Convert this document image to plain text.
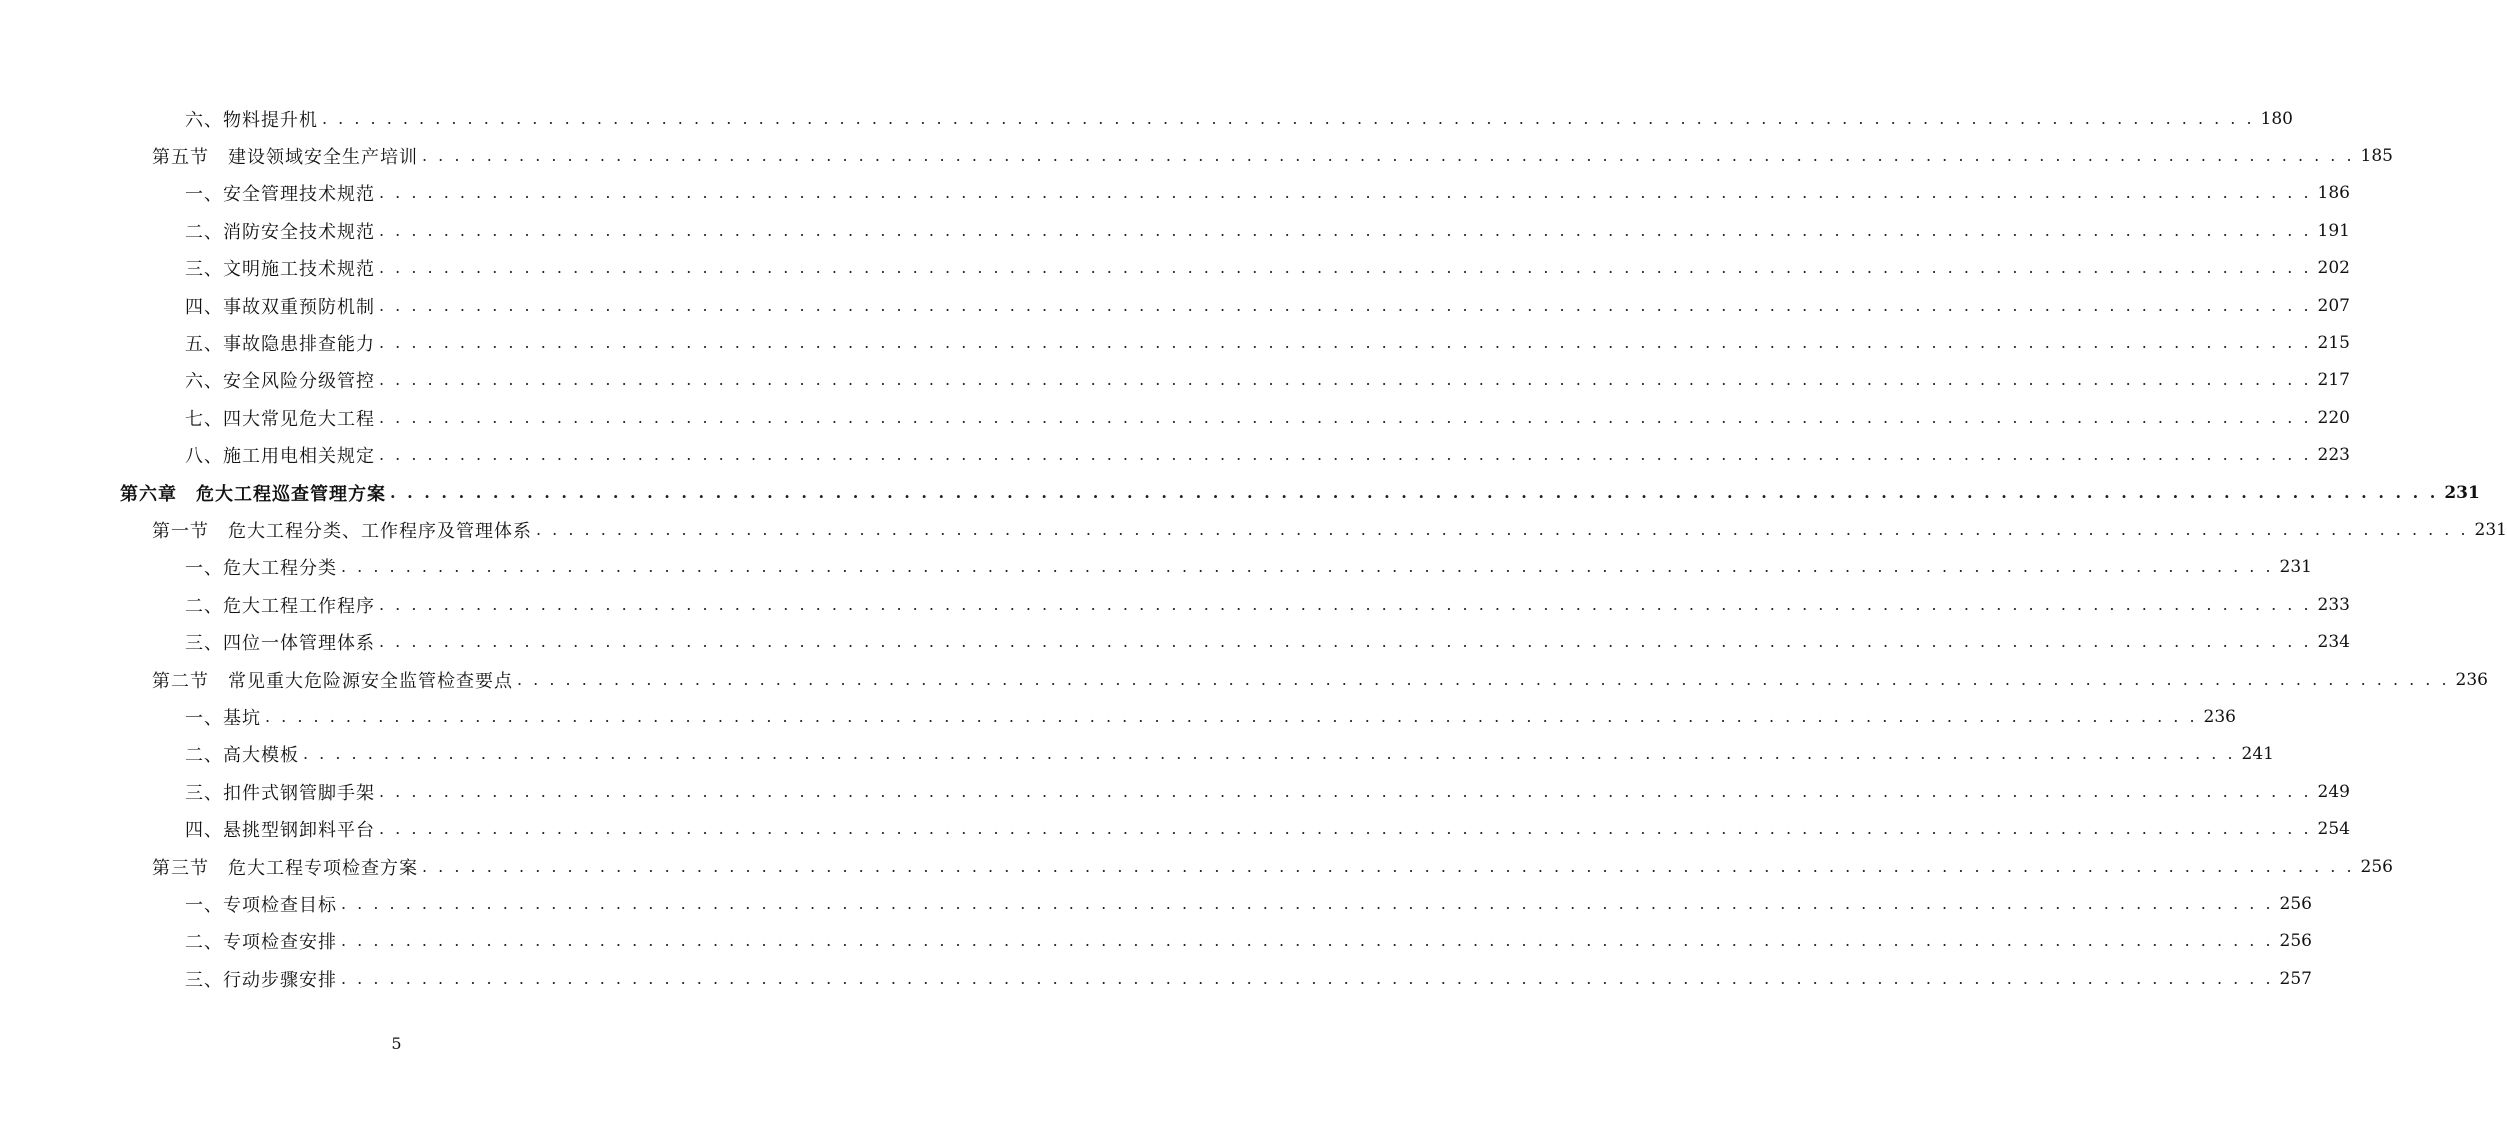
六、物料提升机 . . . . . . . . . . . . . . . . . . . . . . . . . . . . . . . . . . . . . . . . . . . . . . . . . . . . . . . . . . . . . . . . . . . . . . . . . . . . . . . . . . . . . . . . . . . . . . . . . . . . . . . . . . . . . . . . . . . . . . . . 180
第五节　建设领域安全生产培训 . . . . . . . . . . . . . . . . . . . . . . . . . . . . . . . . . . . . . . . . . . . . . . . . . . . . . . . . . . . . . . . . . . . . . . . . . . . . . . . . . . . . . . . . . . . . . . . . . . . . . . . . . . . . . . . . . . . . . . . . 185
一、安全管理技术规范 . . . . . . . . . . . . . . . . . . . . . . . . . . . . . . . . . . . . . . . . . . . . . . . . . . . . . . . . . . . . . . . . . . . . . . . . . . . . . . . . . . . . . . . . . . . . . . . . . . . . . . . . . . . . . . . . . . . . . . . . 186
二、消防安全技术规范 . . . . . . . . . . . . . . . . . . . . . . . . . . . . . . . . . . . . . . . . . . . . . . . . . . . . . . . . . . . . . . . . . . . . . . . . . . . . . . . . . . . . . . . . . . . . . . . . . . . . . . . . . . . . . . . . . . . . . . . . 191
三、文明施工技术规范 . . . . . . . . . . . . . . . . . . . . . . . . . . . . . . . . . . . . . . . . . . . . . . . . . . . . . . . . . . . . . . . . . . . . . . . . . . . . . . . . . . . . . . . . . . . . . . . . . . . . . . . . . . . . . . . . . . . . . . . . 202
四、事故双重预防机制 . . . . . . . . . . . . . . . . . . . . . . . . . . . . . . . . . . . . . . . . . . . . . . . . . . . . . . . . . . . . . . . . . . . . . . . . . . . . . . . . . . . . . . . . . . . . . . . . . . . . . . . . . . . . . . . . . . . . . . . . 207
五、事故隐患排查能力 . . . . . . . . . . . . . . . . . . . . . . . . . . . . . . . . . . . . . . . . . . . . . . . . . . . . . . . . . . . . . . . . . . . . . . . . . . . . . . . . . . . . . . . . . . . . . . . . . . . . . . . . . . . . . . . . . . . . . . . . 215
六、安全风险分级管控 . . . . . . . . . . . . . . . . . . . . . . . . . . . . . . . . . . . . . . . . . . . . . . . . . . . . . . . . . . . . . . . . . . . . . . . . . . . . . . . . . . . . . . . . . . . . . . . . . . . . . . . . . . . . . . . . . . . . . . . . 217
七、四大常见危大工程 . . . . . . . . . . . . . . . . . . . . . . . . . . . . . . . . . . . . . . . . . . . . . . . . . . . . . . . . . . . . . . . . . . . . . . . . . . . . . . . . . . . . . . . . . . . . . . . . . . . . . . . . . . . . . . . . . . . . . . . . 220
八、施工用电相关规定 . . . . . . . . . . . . . . . . . . . . . . . . . . . . . . . . . . . . . . . . . . . . . . . . . . . . . . . . . . . . . . . . . . . . . . . . . . . . . . . . . . . . . . . . . . . . . . . . . . . . . . . . . . . . . . . . . . . . . . . . 223
第六章　危大工程巡查管理方案 . . . . . . . . . . . . . . . . . . . . . . . . . . . . . . . . . . . . . . . . . . . . . . . . . . . . . . . . . . . . . . . . . . . . . . . . . . . . . . . . . . . . . . . . . . . . . . . . . . . . . . . . . . . . . . . . . . . . . . . . 231
第一节　危大工程分类、工作程序及管理体系 . . . . . . . . . . . . . . . . . . . . . . . . . . . . . . . . . . . . . . . . . . . . . . . . . . . . . . . . . . . . . . . . . . . . . . . . . . . . . . . . . . . . . . . . . . . . . . . . . . . . . . . . . . . . . . . . . . . . . . . . 231
一、危大工程分类 . . . . . . . . . . . . . . . . . . . . . . . . . . . . . . . . . . . . . . . . . . . . . . . . . . . . . . . . . . . . . . . . . . . . . . . . . . . . . . . . . . . . . . . . . . . . . . . . . . . . . . . . . . . . . . . . . . . . . . . . 231
二、危大工程工作程序 . . . . . . . . . . . . . . . . . . . . . . . . . . . . . . . . . . . . . . . . . . . . . . . . . . . . . . . . . . . . . . . . . . . . . . . . . . . . . . . . . . . . . . . . . . . . . . . . . . . . . . . . . . . . . . . . . . . . . . . . 233
三、四位一体管理体系 . . . . . . . . . . . . . . . . . . . . . . . . . . . . . . . . . . . . . . . . . . . . . . . . . . . . . . . . . . . . . . . . . . . . . . . . . . . . . . . . . . . . . . . . . . . . . . . . . . . . . . . . . . . . . . . . . . . . . . . . 234
第二节　常见重大危险源安全监管检查要点 . . . . . . . . . . . . . . . . . . . . . . . . . . . . . . . . . . . . . . . . . . . . . . . . . . . . . . . . . . . . . . . . . . . . . . . . . . . . . . . . . . . . . . . . . . . . . . . . . . . . . . . . . . . . . . . . . . . . . . . . 236
一、基坑 . . . . . . . . . . . . . . . . . . . . . . . . . . . . . . . . . . . . . . . . . . . . . . . . . . . . . . . . . . . . . . . . . . . . . . . . . . . . . . . . . . . . . . . . . . . . . . . . . . . . . . . . . . . . . . . . . . . . . . . . 236
二、高大模板 . . . . . . . . . . . . . . . . . . . . . . . . . . . . . . . . . . . . . . . . . . . . . . . . . . . . . . . . . . . . . . . . . . . . . . . . . . . . . . . . . . . . . . . . . . . . . . . . . . . . . . . . . . . . . . . . . . . . . . . . 241
三、扣件式钢管脚手架 . . . . . . . . . . . . . . . . . . . . . . . . . . . . . . . . . . . . . . . . . . . . . . . . . . . . . . . . . . . . . . . . . . . . . . . . . . . . . . . . . . . . . . . . . . . . . . . . . . . . . . . . . . . . . . . . . . . . . . . . 249
四、悬挑型钢卸料平台 . . . . . . . . . . . . . . . . . . . . . . . . . . . . . . . . . . . . . . . . . . . . . . . . . . . . . . . . . . . . . . . . . . . . . . . . . . . . . . . . . . . . . . . . . . . . . . . . . . . . . . . . . . . . . . . . . . . . . . . . 254
第三节　危大工程专项检查方案 . . . . . . . . . . . . . . . . . . . . . . . . . . . . . . . . . . . . . . . . . . . . . . . . . . . . . . . . . . . . . . . . . . . . . . . . . . . . . . . . . . . . . . . . . . . . . . . . . . . . . . . . . . . . . . . . . . . . . . . . 256
一、专项检查目标 . . . . . . . . . . . . . . . . . . . . . . . . . . . . . . . . . . . . . . . . . . . . . . . . . . . . . . . . . . . . . . . . . . . . . . . . . . . . . . . . . . . . . . . . . . . . . . . . . . . . . . . . . . . . . . . . . . . . . . . . 256
二、专项检查安排 . . . . . . . . . . . . . . . . . . . . . . . . . . . . . . . . . . . . . . . . . . . . . . . . . . . . . . . . . . . . . . . . . . . . . . . . . . . . . . . . . . . . . . . . . . . . . . . . . . . . . . . . . . . . . . . . . . . . . . . . 256
三、行动步骤安排 . . . . . . . . . . . . . . . . . . . . . . . . . . . . . . . . . . . . . . . . . . . . . . . . . . . . . . . . . . . . . . . . . . . . . . . . . . . . . . . . . . . . . . . . . . . . . . . . . . . . . . . . . . . . . . . . . . . . . . . . 257
5
